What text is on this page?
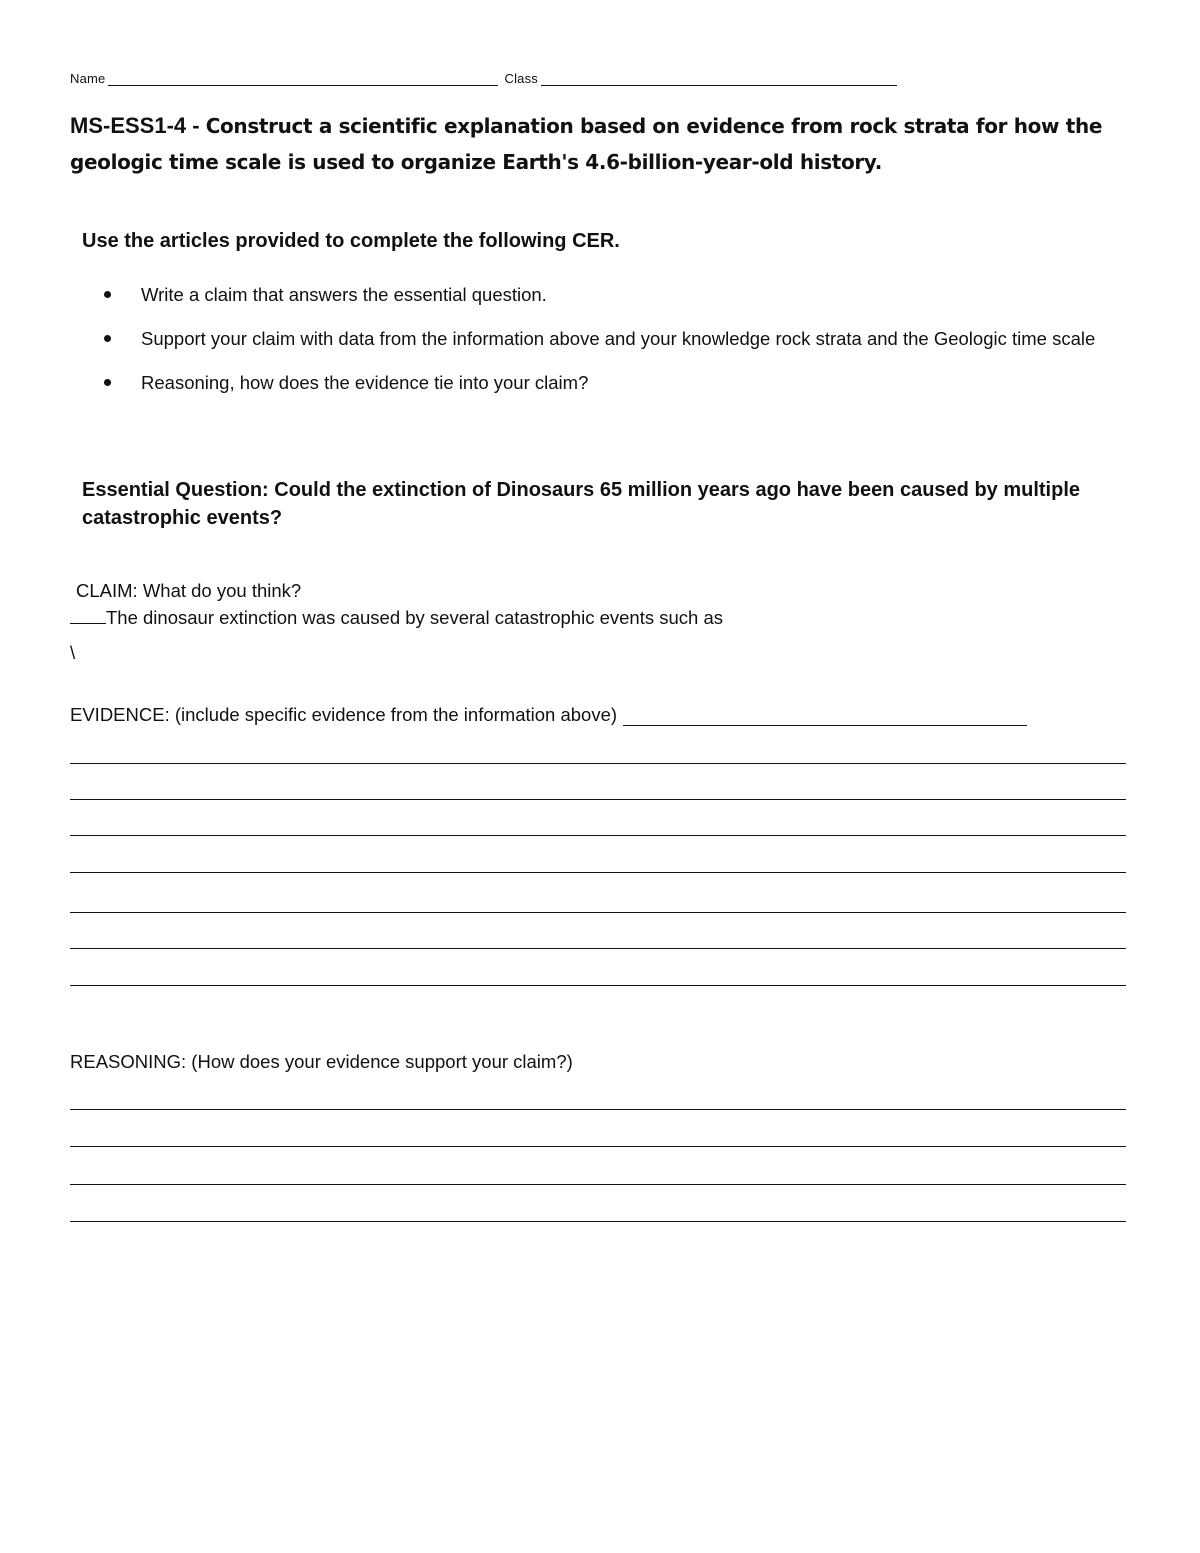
Name	Class
MS-ESS1-4 - Construct a scientific explanation based on evidence from rock strata for how the geologic time scale is used to organize Earth's 4.6-billion-year-old history.
Use the articles provided to complete the following CER.
Write a claim that answers the essential question.
Support your claim with data from the information above and your knowledge rock strata and the Geologic time scale
Reasoning, how does the evidence tie into your claim?
Essential Question: Could the extinction of Dinosaurs 65 million years ago have been caused by multiple catastrophic events?
CLAIM: What do you think?
The dinosaur extinction was caused by several catastrophic events such as
\
EVIDENCE: (include specific evidence from the information above)
REASONING: (How does your evidence support your claim?)
